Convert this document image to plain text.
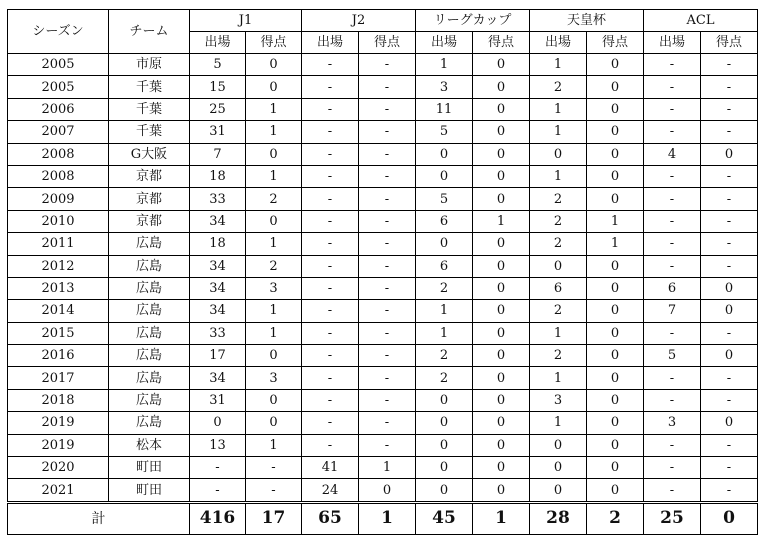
シーズン	チーム	J1		J2		リーグカップ		天皇杯		ACL	
		出場	得点	出場	得点	出場	得点	出場	得点	出場	得点
2005	市原	5	0	-	-	1	0	1	0	-	-
2005	千葉	15	0	-	-	3	0	2	0	-	-
2006	千葉	25	1	-	-	11	0	1	0	-	-
2007	千葉	31	1	-	-	5	0	1	0	-	-
2008	G大阪	7	0	-	-	0	0	0	0	4	0
2008	京都	18	1	-	-	0	0	1	0	-	-
2009	京都	33	2	-	-	5	0	2	0	-	-
2010	京都	34	0	-	-	6	1	2	1	-	-
2011	広島	18	1	-	-	0	0	2	1	-	-
2012	広島	34	2	-	-	6	0	0	0	-	-
2013	広島	34	3	-	-	2	0	6	0	6	0
2014	広島	34	1	-	-	1	0	2	0	7	0
2015	広島	33	1	-	-	1	0	1	0	-	-
2016	広島	17	0	-	-	2	0	2	0	5	0
2017	広島	34	3	-	-	2	0	1	0	-	-
2018	広島	31	0	-	-	0	0	3	0	-	-
2019	広島	0	0	-	-	0	0	1	0	3	0
2019	松本	13	1	-	-	0	0	0	0	-	-
2020	町田	-	-	41	1	0	0	0	0	-	-
2021	町田	-	-	24	0	0	0	0	0	-	-
計		416	17	65	1	45	1	28	2	25	0
